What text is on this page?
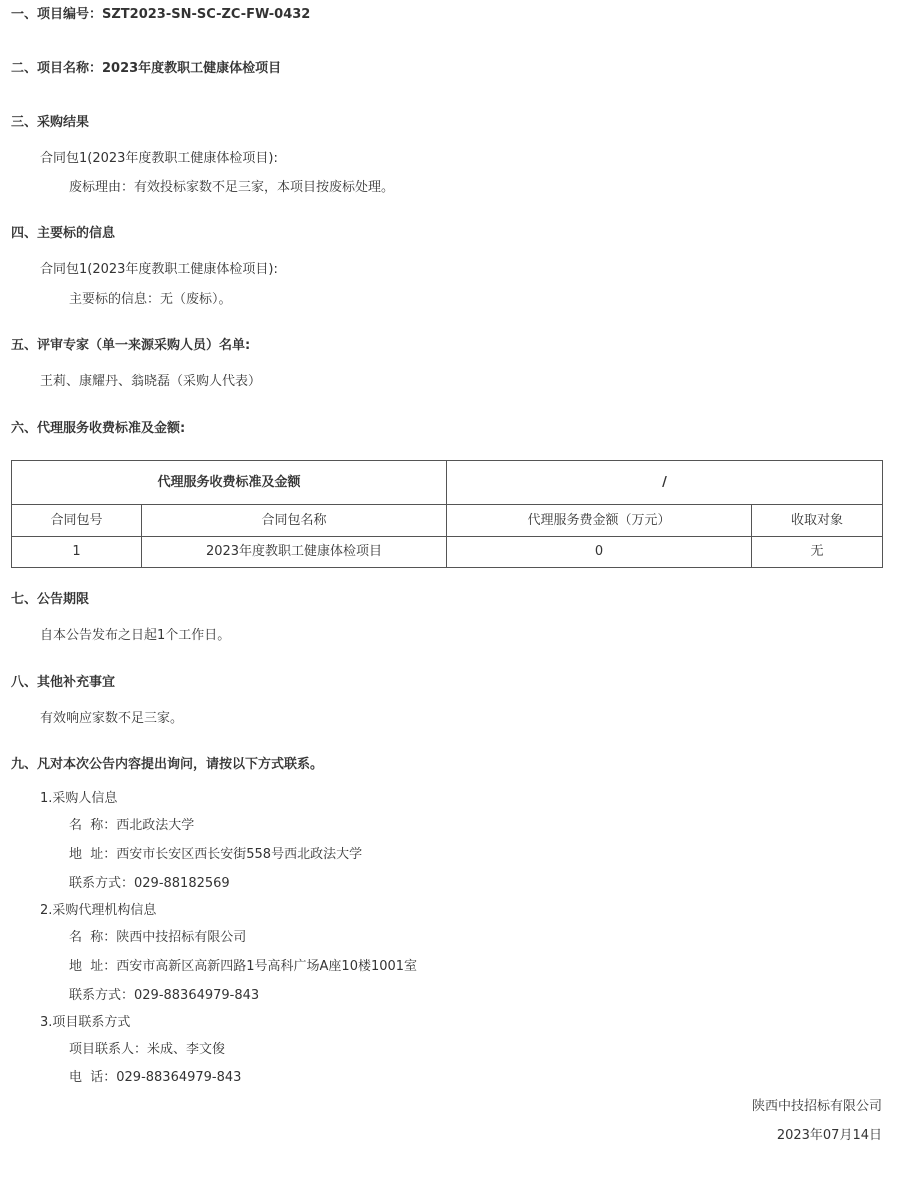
一、项目编号：SZT2023-SN-SC-ZC-FW-0432
二、项目名称：2023年度教职工健康体检项目
三、采购结果
合同包1(2023年度教职工健康体检项目):
废标理由：有效投标家数不足三家，本项目按废标处理。
四、主要标的信息
合同包1(2023年度教职工健康体检项目):
主要标的信息：无（废标）。
五、评审专家（单一来源采购人员）名单:
王莉、康耀丹、翁晓磊（采购人代表）
六、代理服务收费标准及金额:
代理服务收费标准及金额		/	
合同包号	合同包名称	代理服务费金额（万元）	收取对象
1	2023年度教职工健康体检项目	0	无
七、公告期限
自本公告发布之日起1个工作日。
八、其他补充事宜
有效响应家数不足三家。
九、凡对本次公告内容提出询问，请按以下方式联系。
1.采购人信息
名  称：西北政法大学
地  址：西安市长安区西长安街558号西北政法大学
联系方式：029-88182569
2.采购代理机构信息
名  称：陕西中技招标有限公司
地  址：西安市高新区高新四路1号高科广场A座10楼1001室
联系方式：029-88364979-843
3.项目联系方式
项目联系人：米成、李文俊
电  话：029-88364979-843
陕西中技招标有限公司
2023年07月14日
